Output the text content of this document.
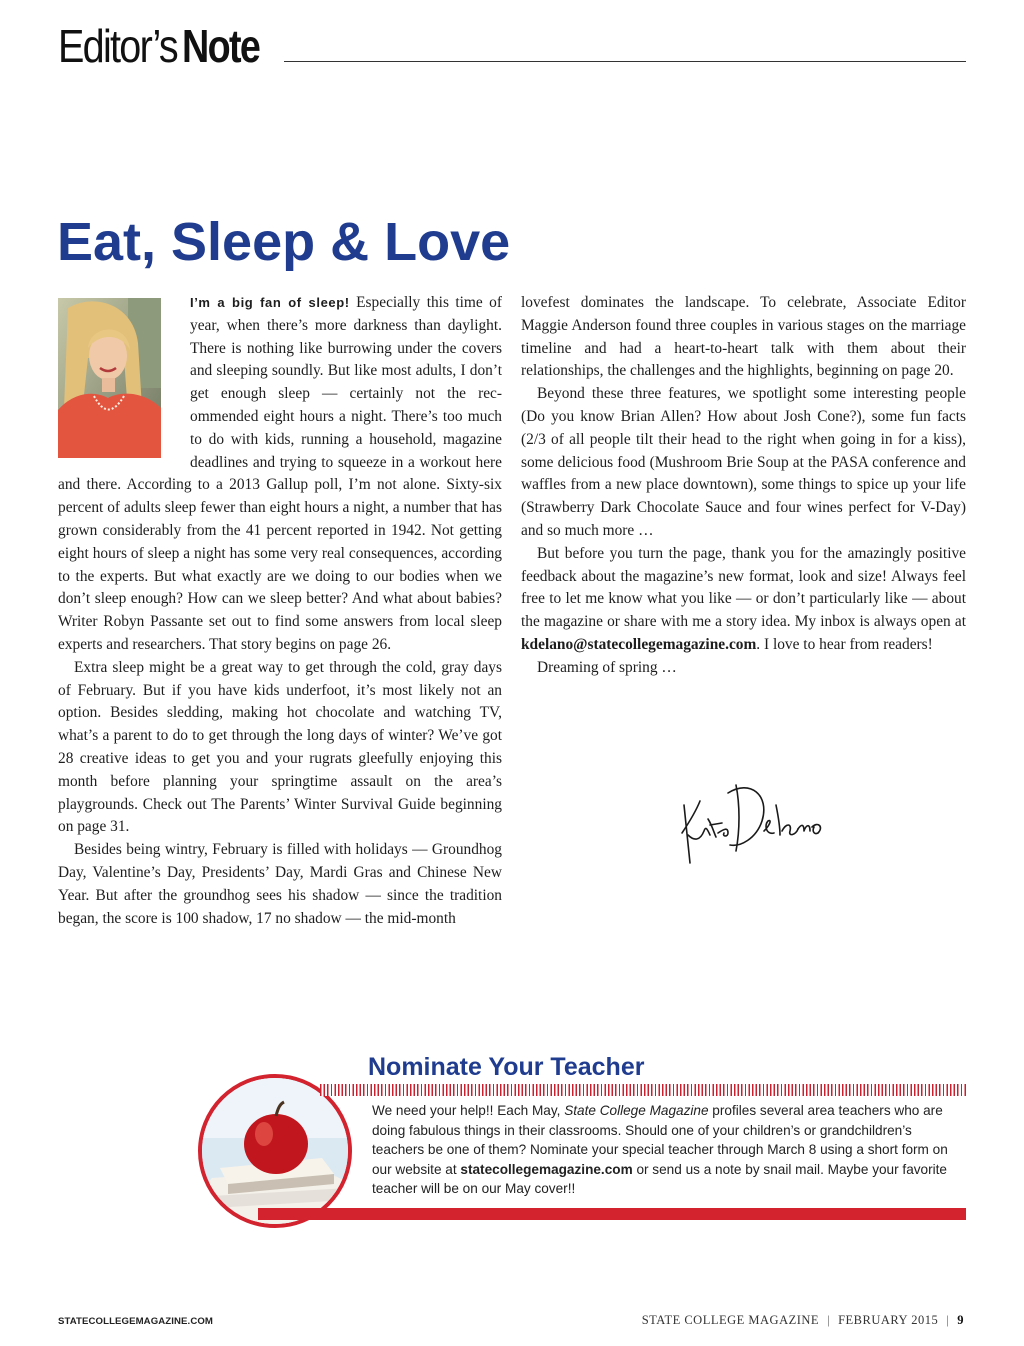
Editor’s Note
Eat, Sleep & Love

I’m a big fan of sleep! Especially this time of year, when there’s more darkness than daylight. There is nothing like burrowing under the covers and sleeping soundly. But like most adults, I don’t get enough sleep — certainly not the recommended eight hours a night. There’s too much to do with kids, running a household, magazine deadlines and trying to squeeze in a workout here and there. According to a 2013 Gallup poll, I’m not alone. Sixty-six percent of adults sleep fewer than eight hours a night, a number that has grown considerably from the 41 percent reported in 1942. Not getting eight hours of sleep a night has some very real consequences, according to the experts. But what exactly are we doing to our bodies when we don’t sleep enough? How can we sleep better? And what about babies? Writer Robyn Passante set out to find some answers from local sleep experts and researchers. That story begins on page 26.

Extra sleep might be a great way to get through the cold, gray days of February. But if you have kids underfoot, it’s most likely not an option. Besides sledding, making hot chocolate and watching TV, what’s a parent to do to get through the long days of winter? We’ve got 28 creative ideas to get you and your rugrats gleefully enjoying this month before planning your springtime assault on the area’s playgrounds. Check out The Parents’ Winter Survival Guide beginning on page 31.

Besides being wintry, February is filled with holidays — Groundhog Day, Valentine’s Day, Presidents’ Day, Mardi Gras and Chinese New Year. But after the groundhog sees his shadow — since the tradition began, the score is 100 shadow, 17 no shadow — the mid-month

lovefest dominates the landscape. To celebrate, Associate Editor Maggie Anderson found three couples in various stages on the marriage timeline and had a heart-to-heart talk with them about their relationships, the challenges and the highlights, beginning on page 20.

Beyond these three features, we spotlight some interesting people (Do you know Brian Allen? How about Josh Cone?), some fun facts (2/3 of all people tilt their head to the right when going in for a kiss), some delicious food (Mushroom Brie Soup at the PASA conference and waffles from a new place downtown), some things to spice up your life (Strawberry Dark Chocolate Sauce and four wines perfect for V-Day) and so much more …

But before you turn the page, thank you for the amazingly positive feedback about the magazine’s new format, look and size! Always feel free to let me know what you like — or don’t particularly like — about the magazine or share with me a story idea. My inbox is always open at kdelano@statecollegemagazine.com. I love to hear from readers!

Dreaming of spring …

Nominate Your Teacher
We need your help!! Each May, State College Magazine profiles several area teachers who are doing fabulous things in their classrooms. Should one of your children’s or grandchildren’s teachers be one of them? Nominate your special teacher through March 8 using a short form on our website at statecollegemagazine.com or send us a note by snail mail. Maybe your favorite teacher will be on our May cover!!
STATECOLLEGEMAGAZINE.COM	STATE COLLEGE MAGAZINE | FEBRUARY 2015 | 9
